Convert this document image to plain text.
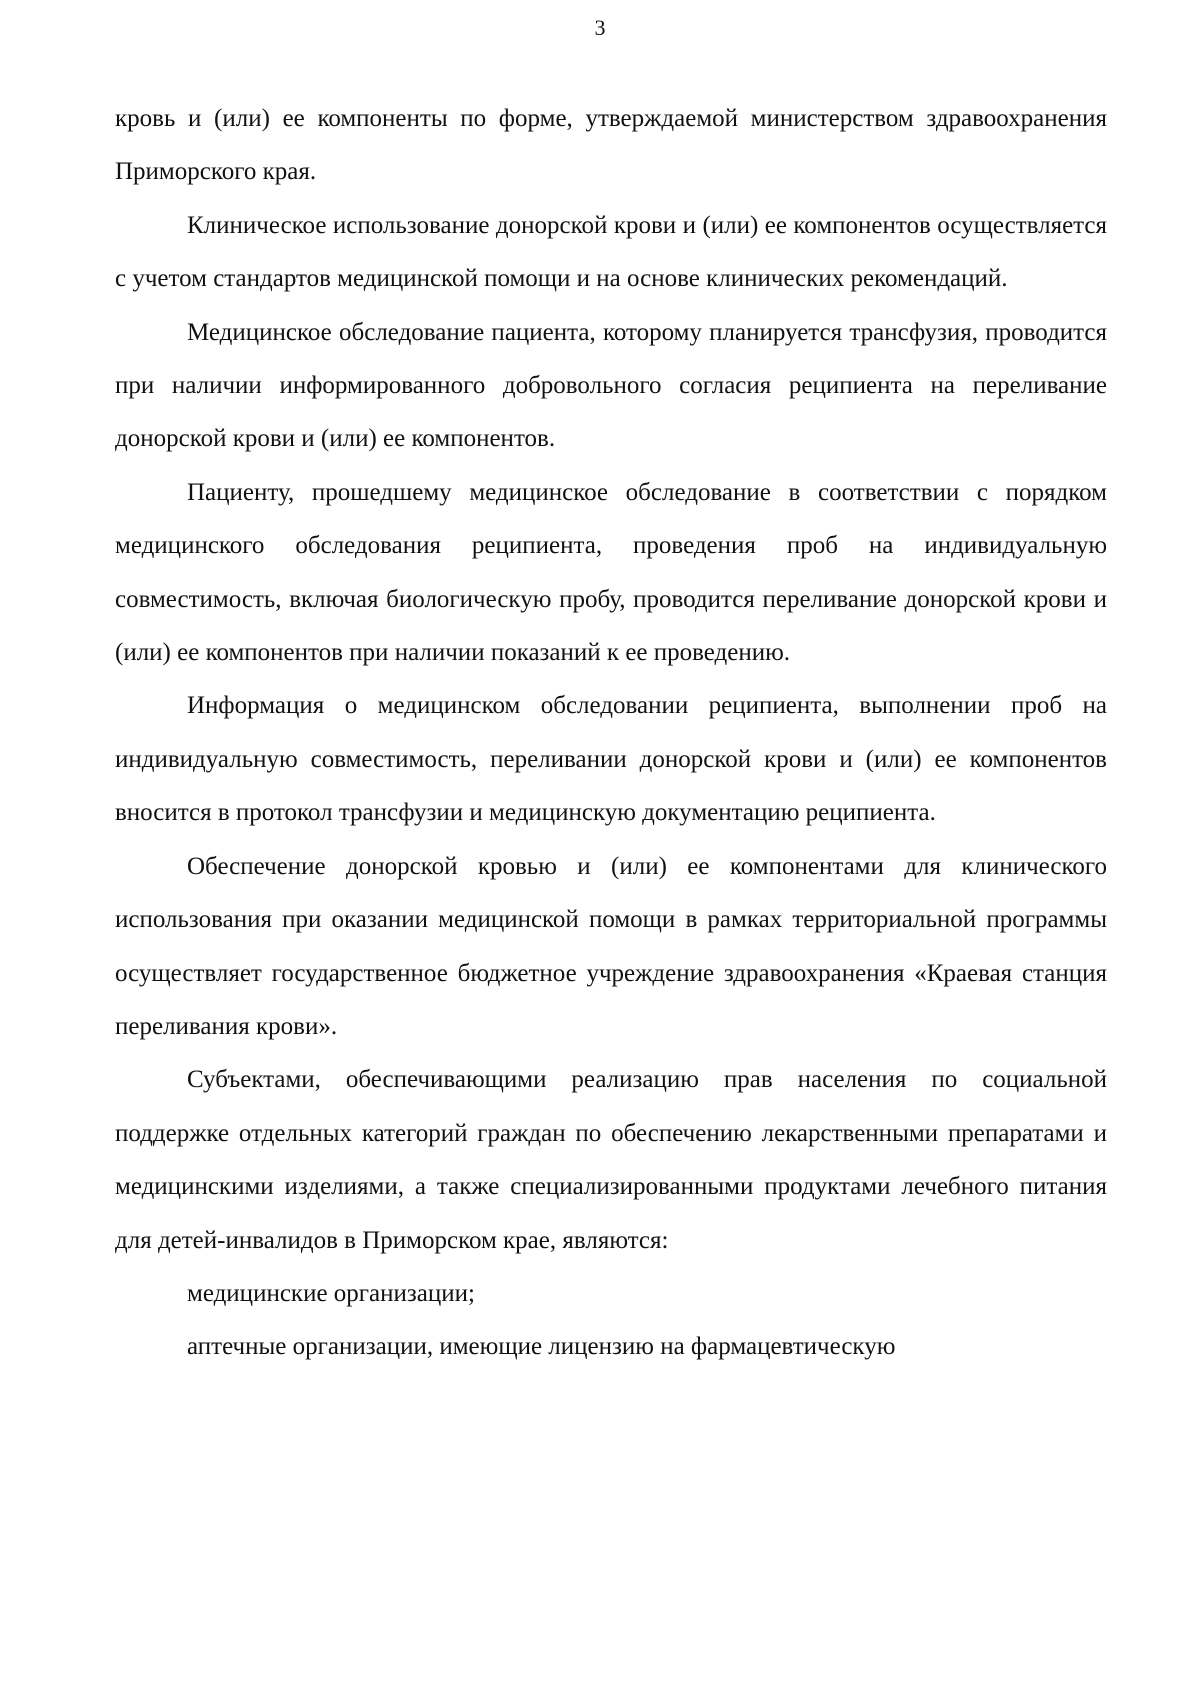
3

кровь и (или) ее компоненты по форме, утверждаемой министерством здравоохранения Приморского края.

Клиническое использование донорской крови и (или) ее компонентов осуществляется с учетом стандартов медицинской помощи и на основе клинических рекомендаций.

Медицинское обследование пациента, которому планируется трансфузия, проводится при наличии информированного добровольного согласия реципиента на переливание донорской крови и (или) ее компонентов.

Пациенту, прошедшему медицинское обследование в соответствии с порядком медицинского обследования реципиента, проведения проб на индивидуальную совместимость, включая биологическую пробу, проводится переливание донорской крови и (или) ее компонентов при наличии показаний к ее проведению.

Информация о медицинском обследовании реципиента, выполнении проб на индивидуальную совместимость, переливании донорской крови и (или) ее компонентов вносится в протокол трансфузии и медицинскую документацию реципиента.

Обеспечение донорской кровью и (или) ее компонентами для клинического использования при оказании медицинской помощи в рамках территориальной программы осуществляет государственное бюджетное учреждение здравоохранения «Краевая станция переливания крови».

Субъектами, обеспечивающими реализацию прав населения по социальной поддержке отдельных категорий граждан по обеспечению лекарственными препаратами и медицинскими изделиями, а также специализированными продуктами лечебного питания для детей-инвалидов в Приморском крае, являются:

медицинские организации;

аптечные организации, имеющие лицензию на фармацевтическую
